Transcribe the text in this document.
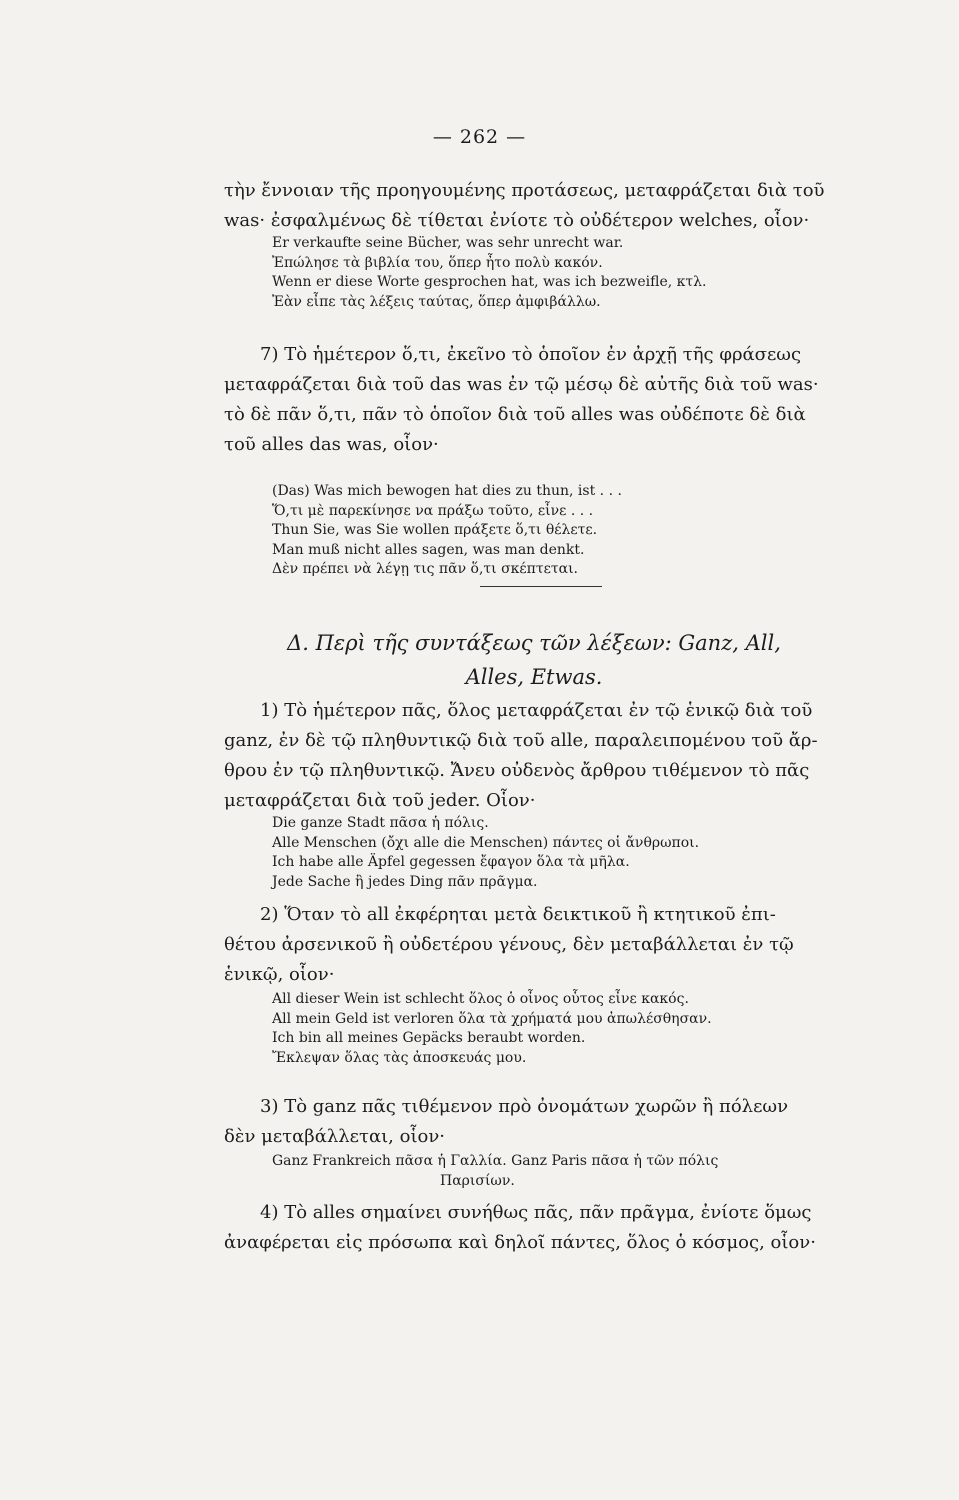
— 262 —

τὴν ἔννοιαν τῆς προηγουμένης προτάσεως, μεταφράζεται διὰ τοῦ

was· ἐσφαλμένως δὲ τίθεται ἐνίοτε τὸ οὐδέτερον welches, οἷον·

Er verkaufte seine Bücher, was sehr unrecht war.
Ἐπώλησε τὰ βιβλία του, ὅπερ ἦτο πολὺ κακόν.
Wenn er diese Worte gesprochen hat, was ich bezweifle, κτλ.
Ἐὰν εἶπε τὰς λέξεις ταύτας, ὅπερ ἀμφιβάλλω.

7) Τὸ ἡμέτερον ὅ,τι, ἐκεῖνο τὸ ὁποῖον ἐν ἀρχῇ τῆς φράσεως

μεταφράζεται διὰ τοῦ das was ἐν τῷ μέσῳ δὲ αὐτῆς διὰ τοῦ was·

τὸ δὲ πᾶν ὅ,τι, πᾶν τὸ ὁποῖον διὰ τοῦ alles was οὐδέποτε δὲ διὰ

τοῦ alles das was, οἷον·

(Das) Was mich bewogen hat dies zu thun, ist . . .
Ὅ,τι μὲ παρεκίνησε να πράξω τοῦτο, εἶνε . . .
Thun Sie, was Sie wollen πράξετε ὅ,τι θέλετε.
Man muß nicht alles sagen, was man denkt.
Δὲν πρέπει νὰ λέγῃ τις πᾶν ὅ,τι σκέπτεται.
Δ. Περὶ τῆς συντάξεως τῶν λέξεων: Ganz, All,
Alles, Etwas.

1) Τὸ ἡμέτερον πᾶς, ὅλος μεταφράζεται ἐν τῷ ἑνικῷ διὰ τοῦ

ganz, ἐν δὲ τῷ πληθυντικῷ διὰ τοῦ alle, παραλειπομένου τοῦ ἄρ-

θρου ἐν τῷ πληθυντικῷ. Ἄνευ οὐδενὸς ἄρθρου τιθέμενον τὸ πᾶς

μεταφράζεται διὰ τοῦ jeder. Οἷον·

Die ganze Stadt πᾶσα ἡ πόλις.
Alle Menschen (ὄχι alle die Menschen) πάντες οἱ ἄνθρωποι.
Ich habe alle Äpfel gegessen ἔφαγον ὅλα τὰ μῆλα.
Jede Sache ἢ jedes Ding πᾶν πρᾶγμα.

2) Ὅταν τὸ all ἐκφέρηται μετὰ δεικτικοῦ ἢ κτητικοῦ ἐπι-

θέτου ἀρσενικοῦ ἢ οὐδετέρου γένους, δὲν μεταβάλλεται ἐν τῷ

ἑνικῷ, οἷον·

All dieser Wein ist schlecht ὅλος ὁ οἶνος οὗτος εἶνε κακός.
All mein Geld ist verloren ὅλα τὰ χρήματά μου ἀπωλέσθησαν.
Ich bin all meines Gepäcks beraubt worden.
Ἔκλεψαν ὅλας τὰς ἀποσκευάς μου.

3) Τὸ ganz πᾶς τιθέμενον πρὸ ὀνομάτων χωρῶν ἢ πόλεων

δὲν μεταβάλλεται, οἷον·

Ganz Frankreich πᾶσα ἡ Γαλλία. Ganz Paris πᾶσα ἡ τῶν πόλις
Παρισίων.

4) Τὸ alles σημαίνει συνήθως πᾶς, πᾶν πρᾶγμα, ἐνίοτε ὅμως

ἀναφέρεται εἰς πρόσωπα καὶ δηλοῖ πάντες, ὅλος ὁ κόσμος, οἷον·
